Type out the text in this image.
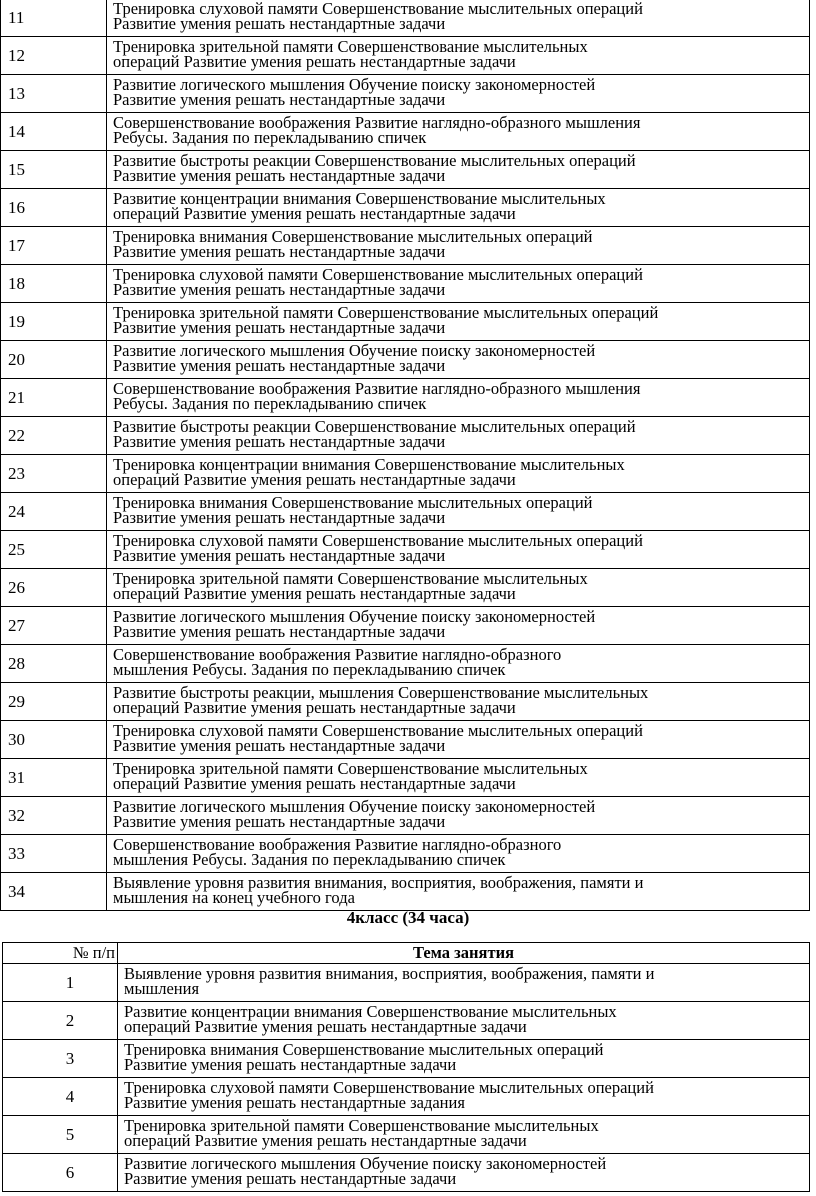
11	Тренировка слуховой памяти Совершенствование мыслительных операций
Развитие умения решать нестандартные задачи

12	Тренировка зрительной памяти Совершенствование мыслительных
операций Развитие умения решать нестандартные задачи

13	Развитие логического мышления Обучение поиску закономерностей
Развитие умения решать нестандартные задачи

14	Совершенствование воображения Развитие наглядно-образного мышления
Ребусы. Задания по перекладыванию спичек

15	Развитие быстроты реакции Совершенствование мыслительных операций
Развитие умения решать нестандартные задачи

16	Развитие концентрации внимания Совершенствование мыслительных
операций Развитие умения решать нестандартные задачи

17	Тренировка внимания Совершенствование мыслительных операций
Развитие умения решать нестандартные задачи

18	Тренировка слуховой памяти Совершенствование мыслительных операций
Развитие умения решать нестандартные задачи

19	Тренировка зрительной памяти Совершенствование мыслительных операций
Развитие умения решать нестандартные задачи

20	Развитие логического мышления Обучение поиску закономерностей
Развитие умения решать нестандартные задачи

21	Совершенствование воображения Развитие наглядно-образного мышления
Ребусы. Задания по перекладыванию спичек

22	Развитие быстроты реакции Совершенствование мыслительных операций
Развитие умения решать нестандартные задачи

23	Тренировка концентрации внимания Совершенствование мыслительных
операций Развитие умения решать нестандартные задачи

24	Тренировка внимания Совершенствование мыслительных операций
Развитие умения решать нестандартные задачи

25	Тренировка слуховой памяти Совершенствование мыслительных операций
Развитие умения решать нестандартные задачи

26	Тренировка зрительной памяти Совершенствование мыслительных
операций Развитие умения решать нестандартные задачи

27	Развитие логического мышления Обучение поиску закономерностей
Развитие умения решать нестандартные задачи

28	Совершенствование воображения Развитие наглядно-образного
мышления Ребусы. Задания по перекладыванию спичек

29	Развитие быстроты реакции, мышления Совершенствование мыслительных
операций Развитие умения решать нестандартные задачи

30	Тренировка слуховой памяти Совершенствование мыслительных операций
Развитие умения решать нестандартные задачи

31	Тренировка зрительной памяти Совершенствование мыслительных
операций Развитие умения решать нестандартные задачи

32	Развитие логического мышления Обучение поиску закономерностей
Развитие умения решать нестандартные задачи

33	Совершенствование воображения Развитие наглядно-образного
мышления Ребусы. Задания по перекладыванию спичек

34	Выявление уровня развития внимания, восприятия, воображения, памяти и
мышления на конец учебного года
4класс (34 часа)
№ п/п	Тема занятия

1	Выявление уровня развития внимания, восприятия, воображения, памяти и
мышления

2	Развитие концентрации внимания Совершенствование мыслительных
операций Развитие умения решать нестандартные задачи

3	Тренировка внимания Совершенствование мыслительных операций
Развитие умения решать нестандартные задачи

4	Тренировка слуховой памяти Совершенствование мыслительных операций
Развитие умения решать нестандартные задания

5	Тренировка зрительной памяти Совершенствование мыслительных
операций Развитие умения решать нестандартные задачи

6	Развитие логического мышления Обучение поиску закономерностей
Развитие умения решать нестандартные задачи
